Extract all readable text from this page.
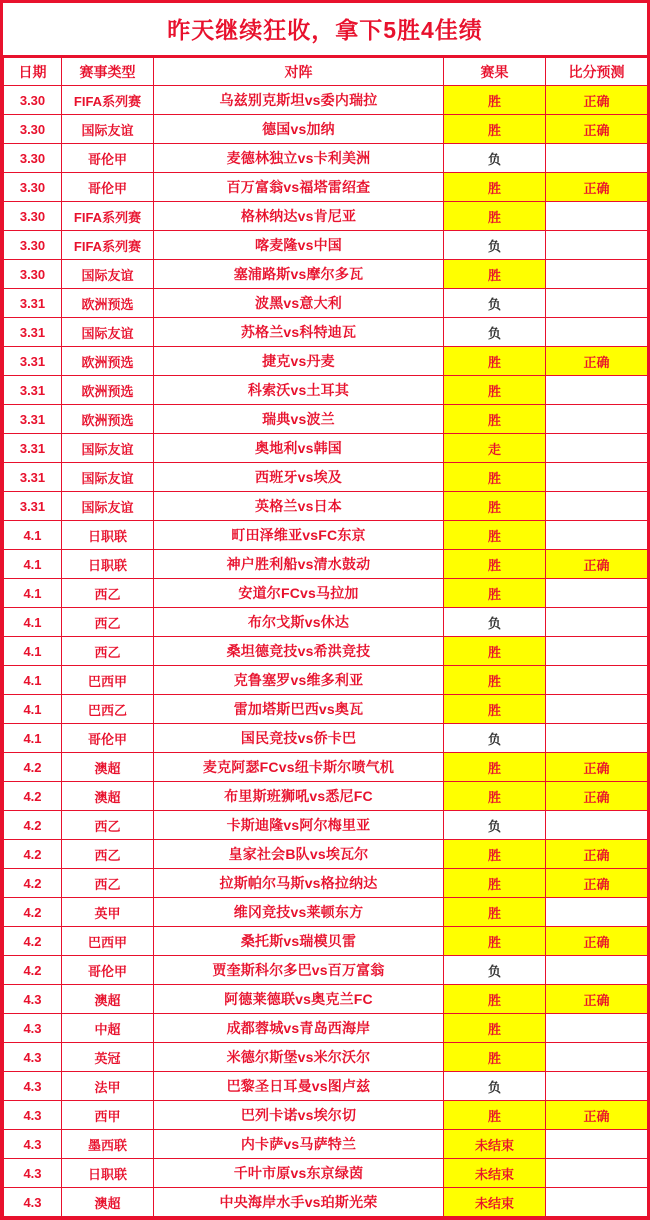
昨天继续狂收，拿下5胜4佳绩
日期	赛事类型	对阵	赛果	比分预测
3.30	FIFA系列赛	乌兹别克斯坦vs委内瑞拉	胜	正确
3.30	国际友谊	德国vs加纳	胜	正确
3.30	哥伦甲	麦德林独立vs卡利美洲	负	
3.30	哥伦甲	百万富翁vs福塔雷绍查	胜	正确
3.30	FIFA系列赛	格林纳达vs肯尼亚	胜	
3.30	FIFA系列赛	喀麦隆vs中国	负	
3.30	国际友谊	塞浦路斯vs摩尔多瓦	胜	
3.31	欧洲预选	波黑vs意大利	负	
3.31	国际友谊	苏格兰vs科特迪瓦	负	
3.31	欧洲预选	捷克vs丹麦	胜	正确
3.31	欧洲预选	科索沃vs土耳其	胜	
3.31	欧洲预选	瑞典vs波兰	胜	
3.31	国际友谊	奥地利vs韩国	走	
3.31	国际友谊	西班牙vs埃及	胜	
3.31	国际友谊	英格兰vs日本	胜	
4.1	日职联	町田泽维亚vsFC东京	胜	
4.1	日职联	神户胜利船vs清水鼓动	胜	正确
4.1	西乙	安道尔FCvs马拉加	胜	
4.1	西乙	布尔戈斯vs休达	负	
4.1	西乙	桑坦德竞技vs希洪竞技	胜	
4.1	巴西甲	克鲁塞罗vs维多利亚	胜	
4.1	巴西乙	雷加塔斯巴西vs奥瓦	胜	
4.1	哥伦甲	国民竞技vs侨卡巴	负	
4.2	澳超	麦克阿瑟FCvs纽卡斯尔喷气机	胜	正确
4.2	澳超	布里斯班狮吼vs悉尼FC	胜	正确
4.2	西乙	卡斯迪隆vs阿尔梅里亚	负	
4.2	西乙	皇家社会B队vs埃瓦尔	胜	正确
4.2	西乙	拉斯帕尔马斯vs格拉纳达	胜	正确
4.2	英甲	维冈竞技vs莱顿东方	胜	
4.2	巴西甲	桑托斯vs瑞模贝雷	胜	正确
4.2	哥伦甲	贾奎斯科尔多巴vs百万富翁	负	
4.3	澳超	阿德莱德联vs奥克兰FC	胜	正确
4.3	中超	成都蓉城vs青岛西海岸	胜	
4.3	英冠	米德尔斯堡vs米尔沃尔	胜	
4.3	法甲	巴黎圣日耳曼vs图卢兹	负	
4.3	西甲	巴列卡诺vs埃尔切	胜	正确
4.3	墨西联	内卡萨vs马萨特兰	未结束	
4.3	日职联	千叶市原vs东京绿茵	未结束	
4.3	澳超	中央海岸水手vs珀斯光荣	未结束	
